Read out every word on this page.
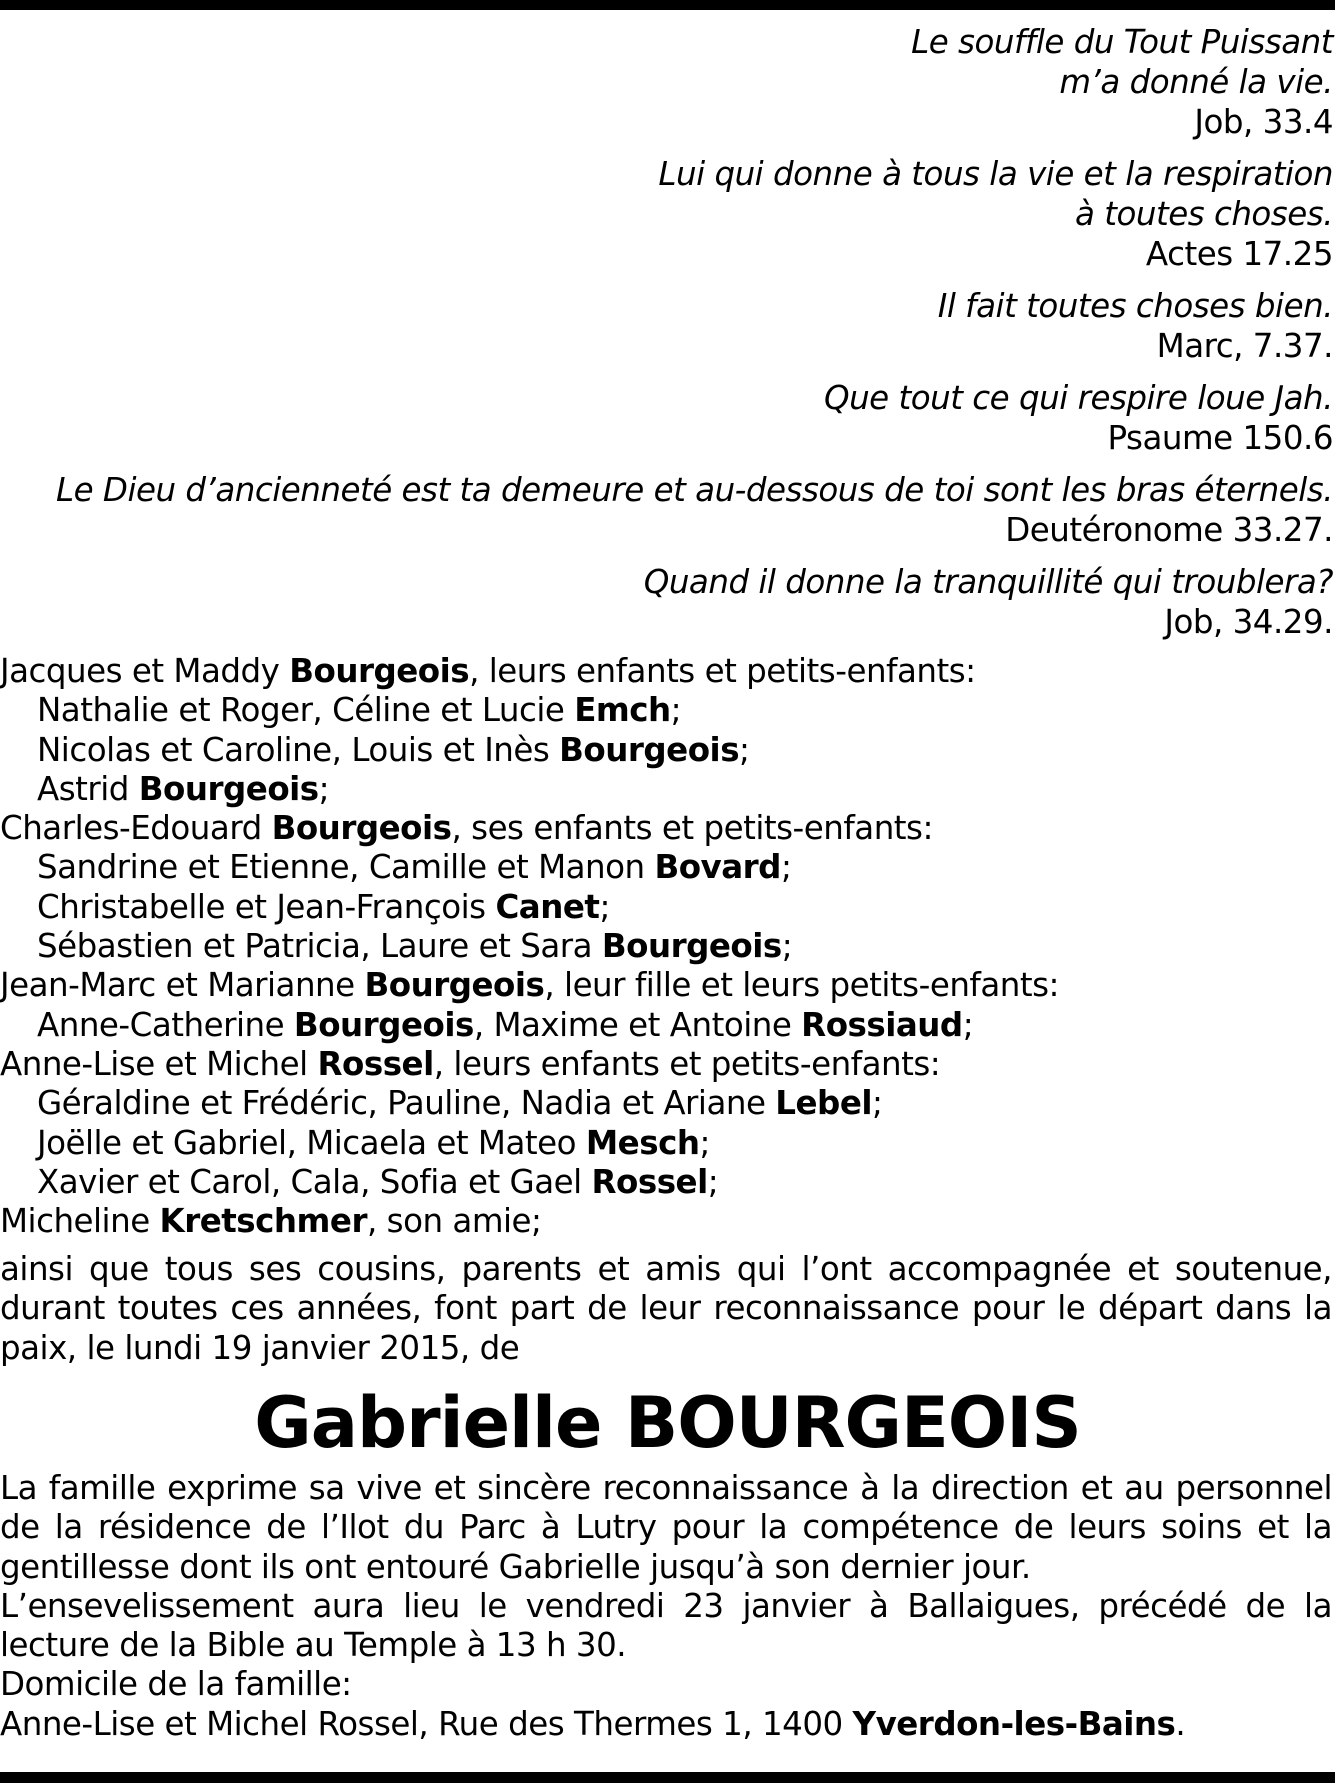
Le souffle du Tout Puissant
m’a donné la vie.
Job, 33.4
Lui qui donne à tous la vie et la respiration
à toutes choses.
Actes 17.25
Il fait toutes choses bien.
Marc, 7.37.
Que tout ce qui respire loue Jah.
Psaume 150.6
Le Dieu d’ancienneté est ta demeure et au-dessous de toi sont les bras éternels.
Deutéronome 33.27.
Quand il donne la tranquillité qui troublera?
Job, 34.29.
Jacques et Maddy Bourgeois, leurs enfants et petits-enfants:
Nathalie et Roger, Céline et Lucie Emch;
Nicolas et Caroline, Louis et Inès Bourgeois;
Astrid Bourgeois;
Charles-Edouard Bourgeois, ses enfants et petits-enfants:
Sandrine et Etienne, Camille et Manon Bovard;
Christabelle et Jean-François Canet;
Sébastien et Patricia, Laure et Sara Bourgeois;
Jean-Marc et Marianne Bourgeois, leur fille et leurs petits-enfants:
Anne-Catherine Bourgeois, Maxime et Antoine Rossiaud;
Anne-Lise et Michel Rossel, leurs enfants et petits-enfants:
Géraldine et Frédéric, Pauline, Nadia et Ariane Lebel;
Joëlle et Gabriel, Micaela et Mateo Mesch;
Xavier et Carol, Cala, Sofia et Gael Rossel;
Micheline Kretschmer, son amie;
ainsi que tous ses cousins, parents et amis qui l’ont accompagnée et soutenue, durant toutes ces années, font part de leur reconnaissance pour le départ dans la paix, le lundi 19 janvier 2015, de
Gabrielle BOURGEOIS

La famille exprime sa vive et sincère reconnaissance à la direction et au personnel de la résidence de l’Ilot du Parc à Lutry pour la compétence de leurs soins et la gentillesse dont ils ont entouré Gabrielle jusqu’à son dernier jour.

L’ensevelissement aura lieu le vendredi 23 janvier à Ballaigues, précédé de la lecture de la Bible au Temple à 13 h 30.

Domicile de la famille:

Anne-Lise et Michel Rossel, Rue des Thermes 1, 1400 Yverdon-les-Bains.
